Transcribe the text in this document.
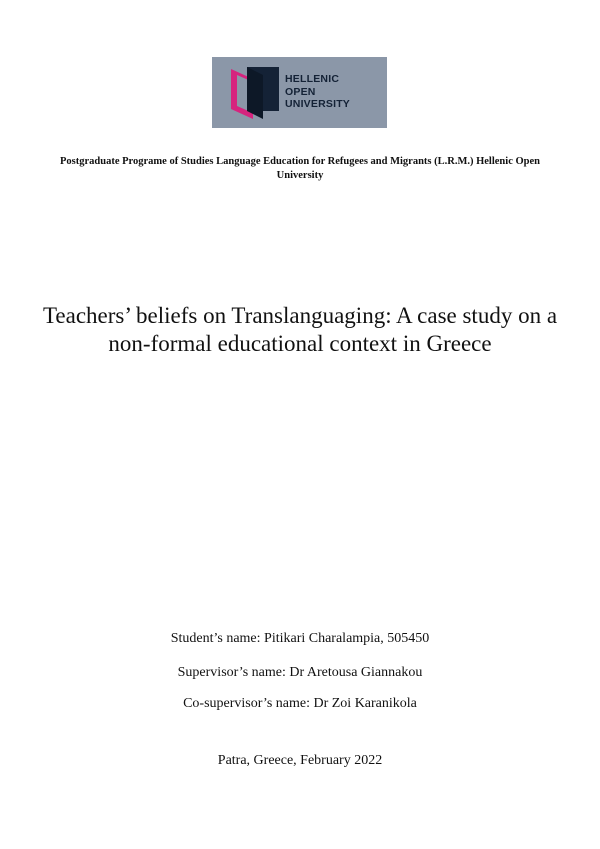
HELLENIC
OPEN
UNIVERSITY
Postgraduate Programe of Studies Language Education for Refugees and Migrants (L.R.M.) Hellenic Open University
Teachers’ beliefs on Translanguaging: A case study on a non-formal educational context in Greece
Student’s name: Pitikari Charalampia, 505450
Supervisor’s name: Dr Aretousa Giannakou
Co-supervisor’s name: Dr Zoi Karanikola
Patra, Greece, February 2022
